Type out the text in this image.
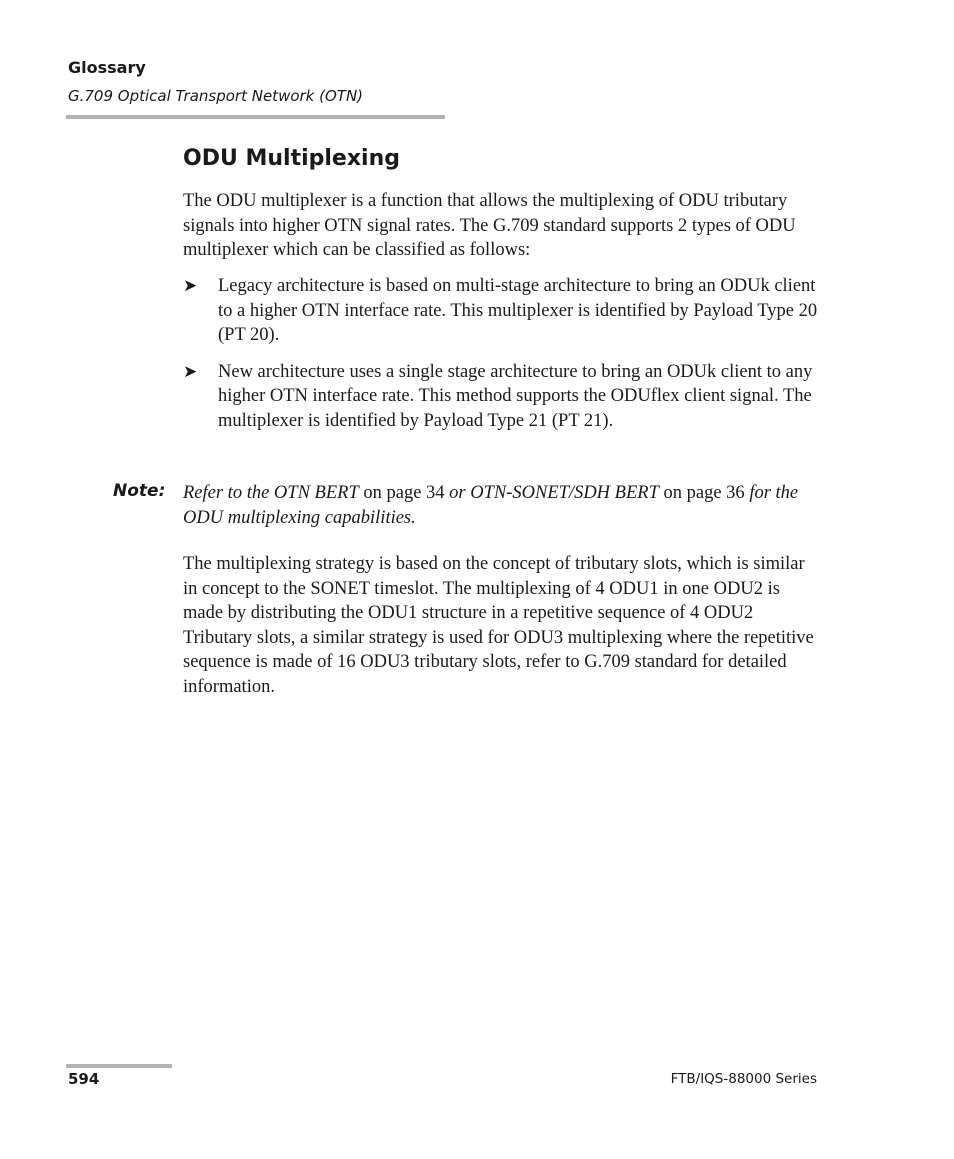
Glossary
G.709 Optical Transport Network (OTN)
ODU Multiplexing

The ODU multiplexer is a function that allows the multiplexing of ODU tributary signals into higher OTN signal rates. The G.709 standard supports 2 types of ODU multiplexer which can be classified as follows:

➤ Legacy architecture is based on multi-stage architecture to bring an ODUk client to a higher OTN interface rate. This multiplexer is identified by Payload Type 20 (PT 20).
➤ New architecture uses a single stage architecture to bring an ODUk client to any higher OTN interface rate. This method supports the ODUflex client signal. The multiplexer is identified by Payload Type 21 (PT 21).
Note: Refer to the OTN BERT on page 34 or OTN-SONET/SDH BERT on page 36 for the ODU multiplexing capabilities.

The multiplexing strategy is based on the concept of tributary slots, which is similar in concept to the SONET timeslot. The multiplexing of 4 ODU1 in one ODU2 is made by distributing the ODU1 structure in a repetitive sequence of 4 ODU2 Tributary slots, a similar strategy is used for ODU3 multiplexing where the repetitive sequence is made of 16 ODU3 tributary slots, refer to G.709 standard for detailed information.

594	FTB/IQS-88000 Series
